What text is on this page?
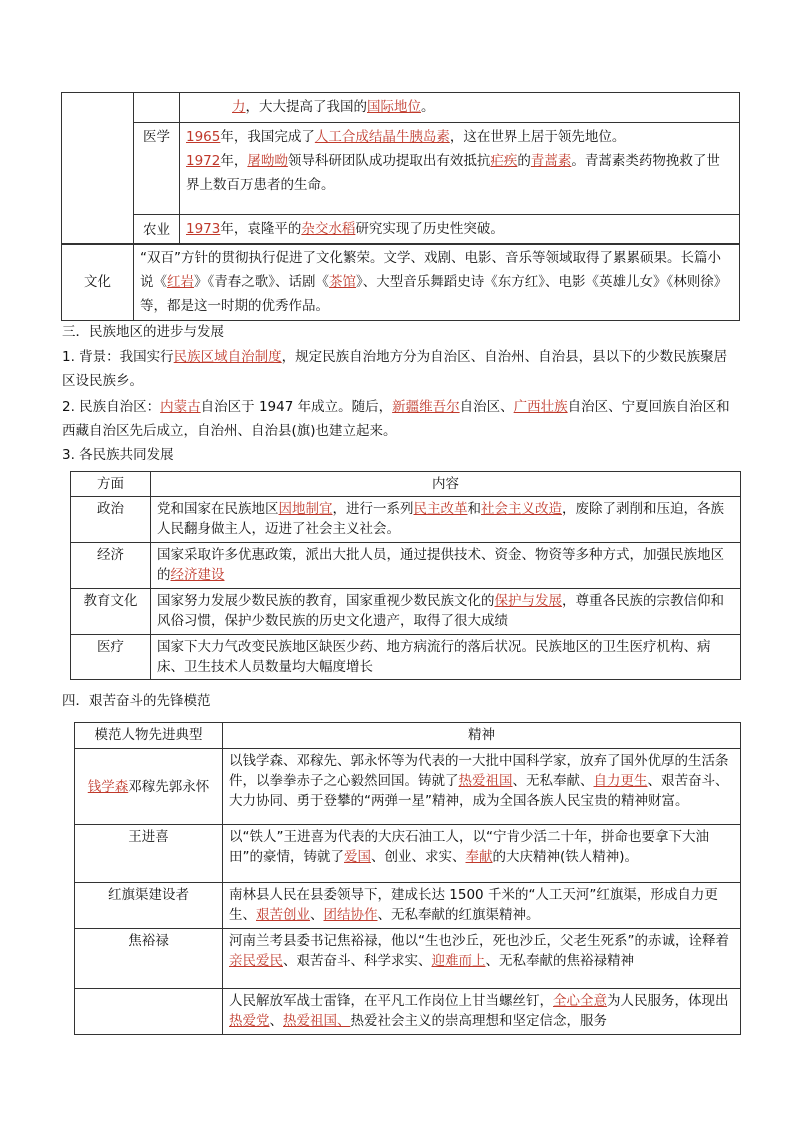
		力，大大提高了我国的国际地位。
	医学	1965年，我国完成了人工合成结晶牛胰岛素，这在世界上居于领先地位。
1972年，屠呦呦领导科研团队成功提取出有效抵抗疟疾的青蒿素。青蒿素类药物挽救了世界上数百万患者的生命。

	农业	1973年，袁隆平的杂交水稻研究实现了历史性突破。

文化	“双百”方针的贯彻执行促进了文化繁荣。文学、戏剧、电影、音乐等领域取得了累累硕果。长篇小说《红岩》《青春之歌》、话剧《茶馆》、大型音乐舞蹈史诗《东方红》、电影《英雄儿女》《林则徐》等，都是这一时期的优秀作品。
三．民族地区的进步与发展
1. 背景：我国实行民族区域自治制度，规定民族自治地方分为自治区、自治州、自治县，县以下的少数民族聚居区设民族乡。
2. 民族自治区：内蒙古自治区于 1947 年成立。随后，新疆维吾尔自治区、广西壮族自治区、宁夏回族自治区和西藏自治区先后成立，自治州、自治县(旗)也建立起来。
3. 各民族共同发展
方面	内容
政治	党和国家在民族地区因地制宜，进行一系列民主改革和社会主义改造，废除了剥削和压迫，各族人民翻身做主人，迈进了社会主义社会。
经济	国家采取许多优惠政策，派出大批人员，通过提供技术、资金、物资等多种方式，加强民族地区的经济建设
教育文化	国家努力发展少数民族的教育，国家重视少数民族文化的保护与发展，尊重各民族的宗教信仰和风俗习惯，保护少数民族的历史文化遗产，取得了很大成绩
医疗	国家下大力气改变民族地区缺医少药、地方病流行的落后状况。民族地区的卫生医疗机构、病床、卫生技术人员数量均大幅度增长
四．艰苦奋斗的先锋模范
模范人物先进典型	精神
钱学森邓稼先郭永怀	以钱学森、邓稼先、郭永怀等为代表的一大批中国科学家，放弃了国外优厚的生活条件，以拳拳赤子之心毅然回国。铸就了热爱祖国、无私奉献、自力更生、艰苦奋斗、大力协同、勇于登攀的“两弹一星”精神，成为全国各族人民宝贵的精神财富。
王进喜	以“铁人”王进喜为代表的大庆石油工人，以“宁肯少活二十年，拼命也要拿下大油田”的豪情，铸就了爱国、创业、求实、奉献的大庆精神(铁人精神)。
红旗渠建设者	南林县人民在县委领导下，建成长达 1500 千米的“人工天河”红旗渠，形成自力更生、艰苦创业、团结协作、无私奉献的红旗渠精神。
焦裕禄	河南兰考县委书记焦裕禄，他以“生也沙丘，死也沙丘，父老生死系”的赤诚，诠释着亲民爱民、艰苦奋斗、科学求实、迎难而上、无私奉献的焦裕禄精神
	人民解放军战士雷锋，在平凡工作岗位上甘当螺丝钉，全心全意为人民服务，体现出热爱党、热爱祖国、热爱社会主义的崇高理想和坚定信念，服务
